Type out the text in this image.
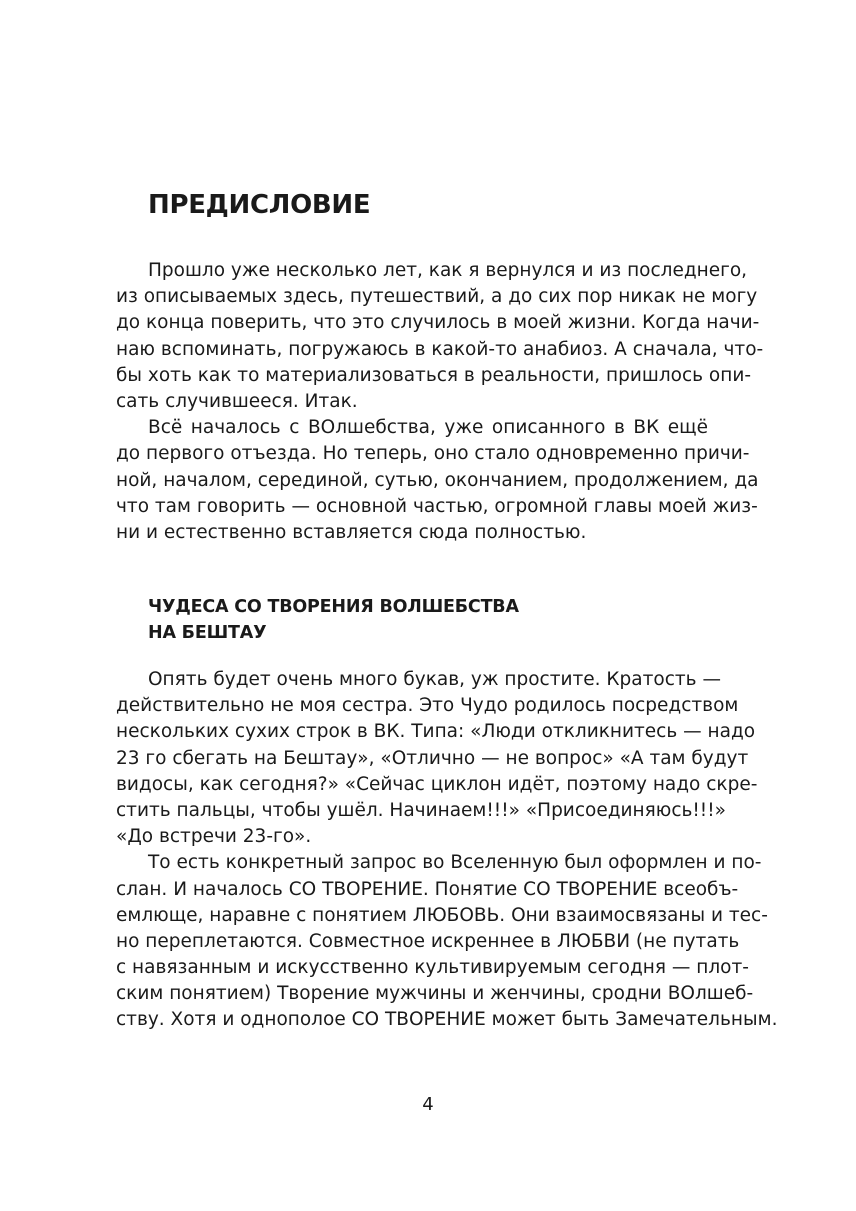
ПРЕДИСЛОВИЕ
Прошло уже несколько лет, как я вернулся и из последнего,
из описываемых здесь, путешествий, а до сих пор никак не могу
до конца поверить, что это случилось в моей жизни. Когда начи-
наю вспоминать, погружаюсь в какой-то анабиоз. А сначала, что-
бы хоть как то материализоваться в реальности, пришлось опи-
сать случившееся. Итак.
Всё началось с ВОлшебства, уже описанного в ВК ещё
до первого отъезда. Но теперь, оно стало одновременно причи-
ной, началом, серединой, сутью, окончанием, продолжением, да
что там говорить — основной частью, огромной главы моей жиз-
ни и естественно вставляется сюда полностью.
ЧУДЕСА СО ТВОРЕНИЯ ВОЛШЕБСТВА
НА БЕШТАУ
Опять будет очень много букав, уж простите. Кратость —
действительно не моя сестра. Это Чудо родилось посредством
нескольких сухих строк в ВК. Типа: «Люди откликнитесь — надо
23 го сбегать на Бештау», «Отлично — не вопрос» «А там будут
видосы, как сегодня?» «Сейчас циклон идёт, поэтому надо скре-
стить пальцы, чтобы ушёл. Начинаем!!!» «Присоединяюсь!!!»
«До встречи 23-го».
То есть конкретный запрос во Вселенную был оформлен и по-
слан. И началось СО ТВОРЕНИЕ. Понятие СО ТВОРЕНИЕ всеобъ-
емлюще, наравне с понятием ЛЮБОВЬ. Они взаимосвязаны и тес-
но переплетаются. Совместное искреннее в ЛЮБВИ (не путать
с навязанным и искусственно культивируемым сегодня — плот-
ским понятием) Творение мужчины и женчины, сродни ВОлшеб-
ству. Хотя и однополое СО ТВОРЕНИЕ может быть Замечательным.
4
